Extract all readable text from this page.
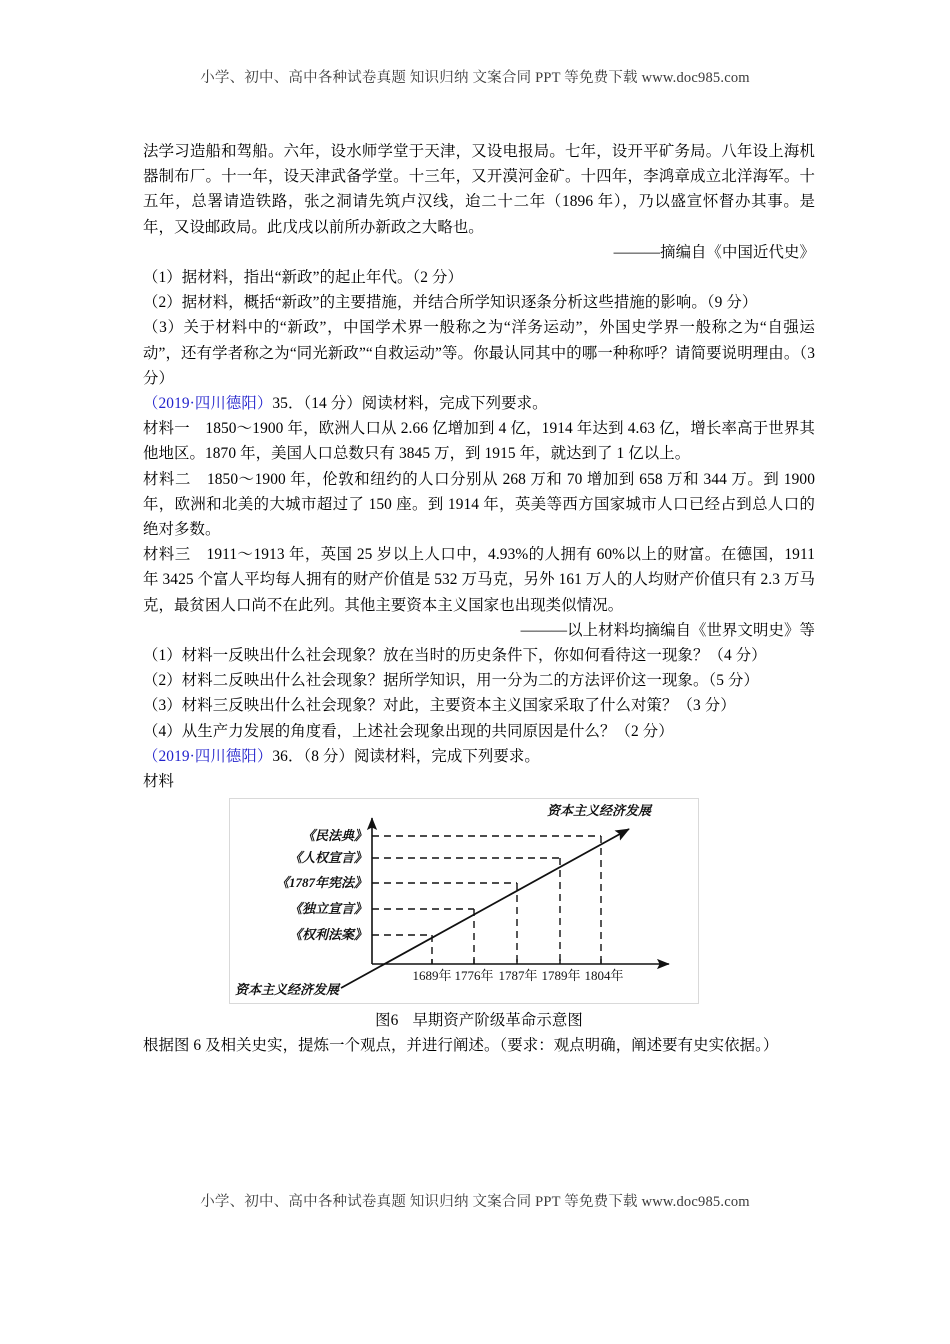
小学、初中、高中各种试卷真题 知识归纳 文案合同 PPT 等免费下载 www.doc985.com

法学习造船和驾船。六年，设水师学堂于天津，又设电报局。七年，设开平矿务局。八年设上海机器制布厂。十一年，设天津武备学堂。十三年，又开漠河金矿。十四年，李鸿章成立北洋海军。十五年，总署请造铁路，张之洞请先筑卢汉线，迨二十二年（1896 年），乃以盛宣怀督办其事。是年，又设邮政局。此戊戌以前所办新政之大略也。

———摘编自《中国近代史》

（1）据材料，指出“新政”的起止年代。（2 分）

（2）据材料，概括“新政”的主要措施，并结合所学知识逐条分析这些措施的影响。（9 分）

（3）关于材料中的“新政”，中国学术界一般称之为“洋务运动”，外国史学界一般称之为“自强运动”，还有学者称之为“同光新政”“自救运动”等。你最认同其中的哪一种称呼？请简要说明理由。（3 分）

（2019·四川德阳）35．（14 分）阅读材料，完成下列要求。

材料一　1850～1900 年，欧洲人口从 2.66 亿增加到 4 亿，1914 年达到 4.63 亿，增长率高于世界其他地区。1870 年，美国人口总数只有 3845 万，到 1915 年，就达到了 1 亿以上。

材料二　1850～1900 年，伦敦和纽约的人口分别从 268 万和 70 增加到 658 万和 344 万。到 1900 年，欧洲和北美的大城市超过了 150 座。到 1914 年，英美等西方国家城市人口已经占到总人口的绝对多数。

材料三　1911～1913 年，英国 25 岁以上人口中，4.93%的人拥有 60%以上的财富。在德国，1911 年 3425 个富人平均每人拥有的财产价值是 532 万马克，另外 161 万人的人均财产价值只有 2.3 万马克，最贫困人口尚不在此列。其他主要资本主义国家也出现类似情况。

———以上材料均摘编自《世界文明史》等

（1）材料一反映出什么社会现象？放在当时的历史条件下，你如何看待这一现象？（4 分）

（2）材料二反映出什么社会现象？据所学知识，用一分为二的方法评价这一现象。（5 分）

（3）材料三反映出什么社会现象？对此，主要资本主义国家采取了什么对策？（3 分）

（4）从生产力发展的角度看，上述社会现象出现的共同原因是什么？（2 分）

（2019·四川德阳）36．（8 分）阅读材料，完成下列要求。

材料

《民法典》
《人权宣言》
《1787年宪法》
《独立宣言》
《权利法案》
1689年 1776年 1787年 1789年 1804年
资本主义经济发展
资本主义经济发展

图6 早期资产阶级革命示意图

根据图 6 及相关史实，提炼一个观点，并进行阐述。（要求：观点明确，阐述要有史实依据。）

小学、初中、高中各种试卷真题 知识归纳 文案合同 PPT 等免费下载 www.doc985.com
